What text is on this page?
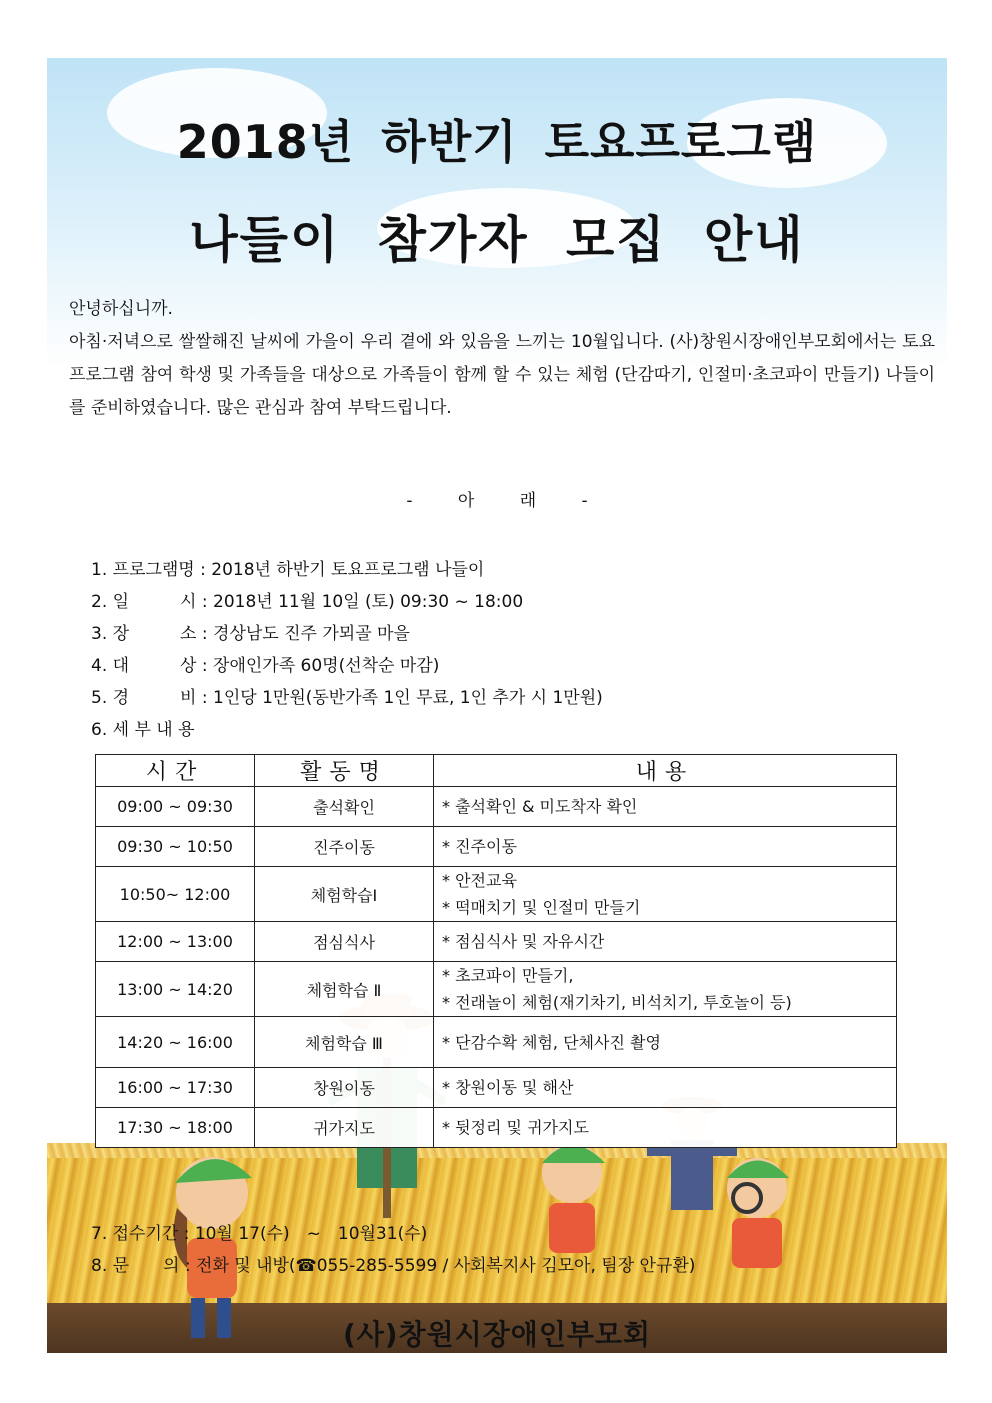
2018년 하반기 토요프로그램
나들이 참가자 모집 안내

안녕하십니까.

아침·저녁으로 쌀쌀해진 날씨에 가을이 우리 곁에 와 있음을 느끼는 10월입니다. (사)창원시장애인부모회에서는 토요프로그램 참여 학생 및 가족들을 대상으로 가족들이 함께 할 수 있는 체험 (단감따기, 인절미·초코파이 만들기) 나들이를 준비하였습니다. 많은 관심과 참여 부탁드립니다.

- 아 래 -
1. 프로그램명 : 2018년 하반기 토요프로그램 나들이
2. 일　　　시 : 2018년 11월 10일 (토) 09:30 ~ 18:00
3. 장　　　소 : 경상남도 진주 가뫼골 마을
4. 대　　　상 : 장애인가족 60명(선착순 마감)
5. 경　　　비 : 1인당 1만원(동반가족 1인 무료, 1인 추가 시 1만원)
6. 세 부 내 용
시간	활동명	내용
09:00 ~ 09:30	출석확인	* 출석확인 & 미도착자 확인

09:30 ~ 10:50	진주이동	* 진주이동

10:50~ 12:00	체험학습Ⅰ	* 안전교육
* 떡매치기 및 인절미 만들기

12:00 ~ 13:00	점심식사	* 점심식사 및 자유시간

13:00 ~ 14:20	체험학습 Ⅱ	* 초코파이 만들기,
* 전래놀이 체험(재기차기, 비석치기, 투호놀이 등)

14:20 ~ 16:00	체험학습 Ⅲ	* 단감수확 체험, 단체사진 촬영

16:00 ~ 17:30	창원이동	* 창원이동 및 해산

17:30 ~ 18:00	귀가지도	* 뒷정리 및 귀가지도
7. 접수기간 : 10월 17(수)　~　10월31(수)
8. 문　　의 : 전화 및 내방(☎055-285-5599 / 사회복지사 김모아, 팀장 안규환)
(사)창원시장애인부모회
